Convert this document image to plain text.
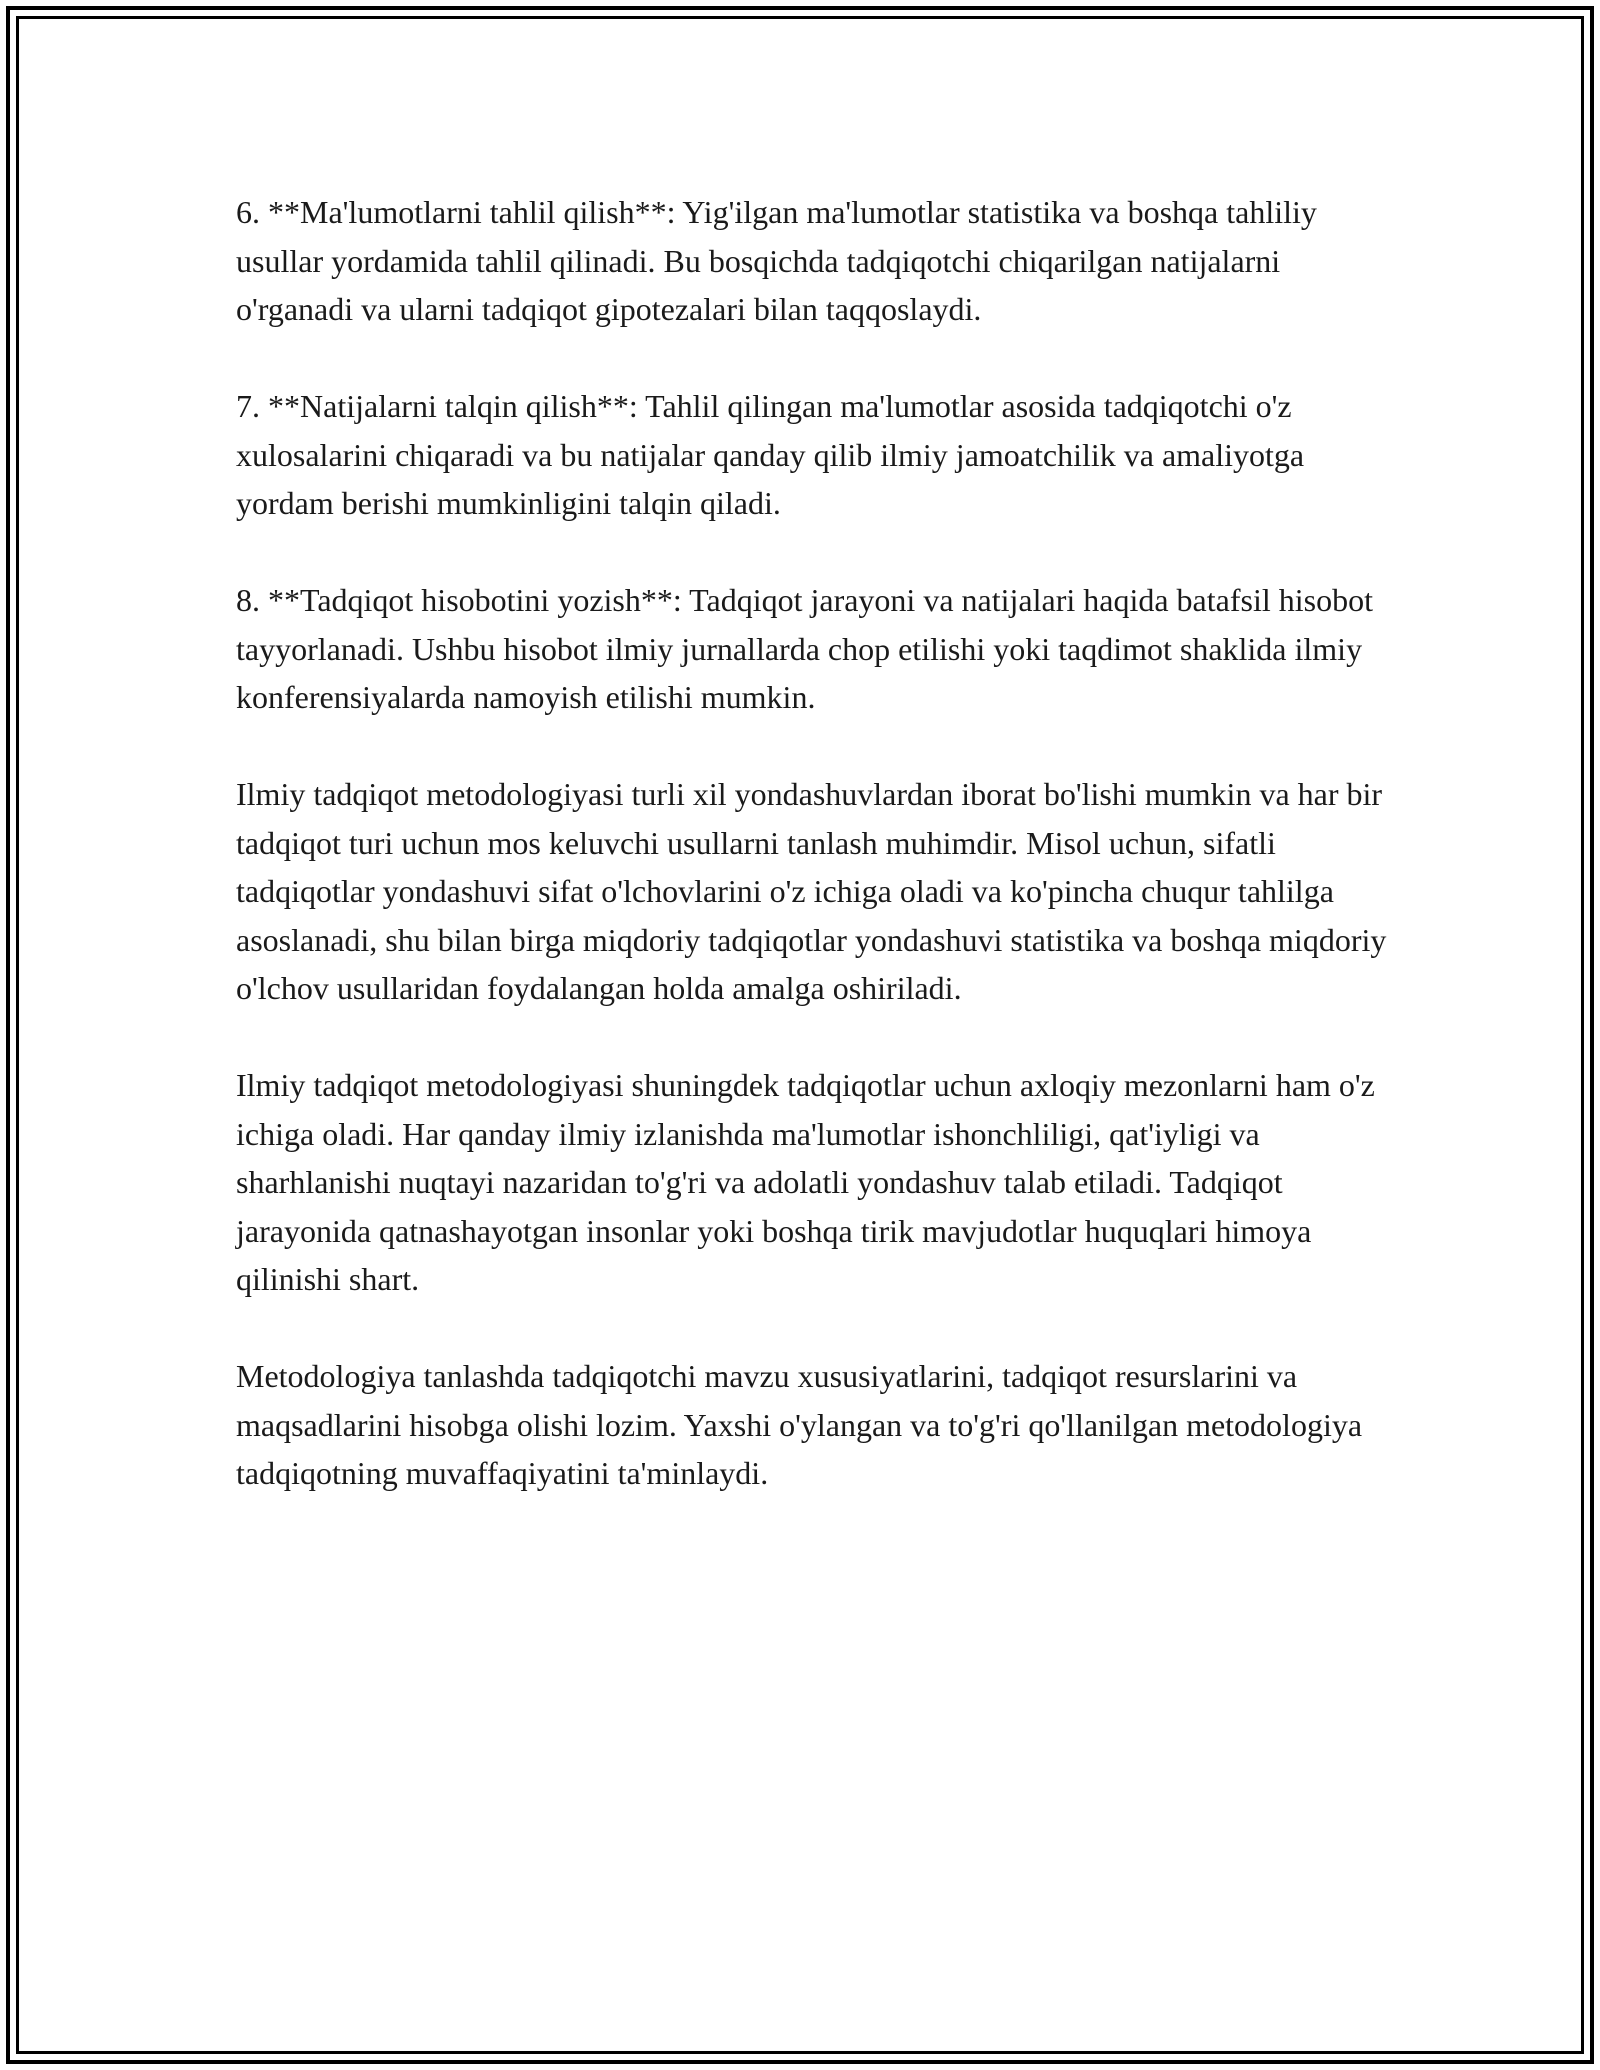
6. **Ma'lumotlarni tahlil qilish**: Yig'ilgan ma'lumotlar statistika va boshqa tahliliy usullar yordamida tahlil qilinadi. Bu bosqichda tadqiqotchi chiqarilgan natijalarni o'rganadi va ularni tadqiqot gipotezalari bilan taqqoslaydi.

7. **Natijalarni talqin qilish**: Tahlil qilingan ma'lumotlar asosida tadqiqotchi o'z xulosalarini chiqaradi va bu natijalar qanday qilib ilmiy jamoatchilik va amaliyotga yordam berishi mumkinligini talqin qiladi.

8. **Tadqiqot hisobotini yozish**: Tadqiqot jarayoni va natijalari haqida batafsil hisobot tayyorlanadi. Ushbu hisobot ilmiy jurnallarda chop etilishi yoki taqdimot shaklida ilmiy konferensiyalarda namoyish etilishi mumkin.

Ilmiy tadqiqot metodologiyasi turli xil yondashuvlardan iborat bo'lishi mumkin va har bir tadqiqot turi uchun mos keluvchi usullarni tanlash muhimdir. Misol uchun, sifatli tadqiqotlar yondashuvi sifat o'lchovlarini o'z ichiga oladi va ko'pincha chuqur tahlilga asoslanadi, shu bilan birga miqdoriy tadqiqotlar yondashuvi statistika va boshqa miqdoriy o'lchov usullaridan foydalangan holda amalga oshiriladi.

Ilmiy tadqiqot metodologiyasi shuningdek tadqiqotlar uchun axloqiy mezonlarni ham o'z ichiga oladi. Har qanday ilmiy izlanishda ma'lumotlar ishonchliligi, qat'iyligi va sharhlanishi nuqtayi nazaridan to'g'ri va adolatli yondashuv talab etiladi. Tadqiqot jarayonida qatnashayotgan insonlar yoki boshqa tirik mavjudotlar huquqlari himoya qilinishi shart.

Metodologiya tanlashda tadqiqotchi mavzu xususiyatlarini, tadqiqot resurslarini va maqsadlarini hisobga olishi lozim. Yaxshi o'ylangan va to'g'ri qo'llanilgan metodologiya tadqiqotning muvaffaqiyatini ta'minlaydi.
